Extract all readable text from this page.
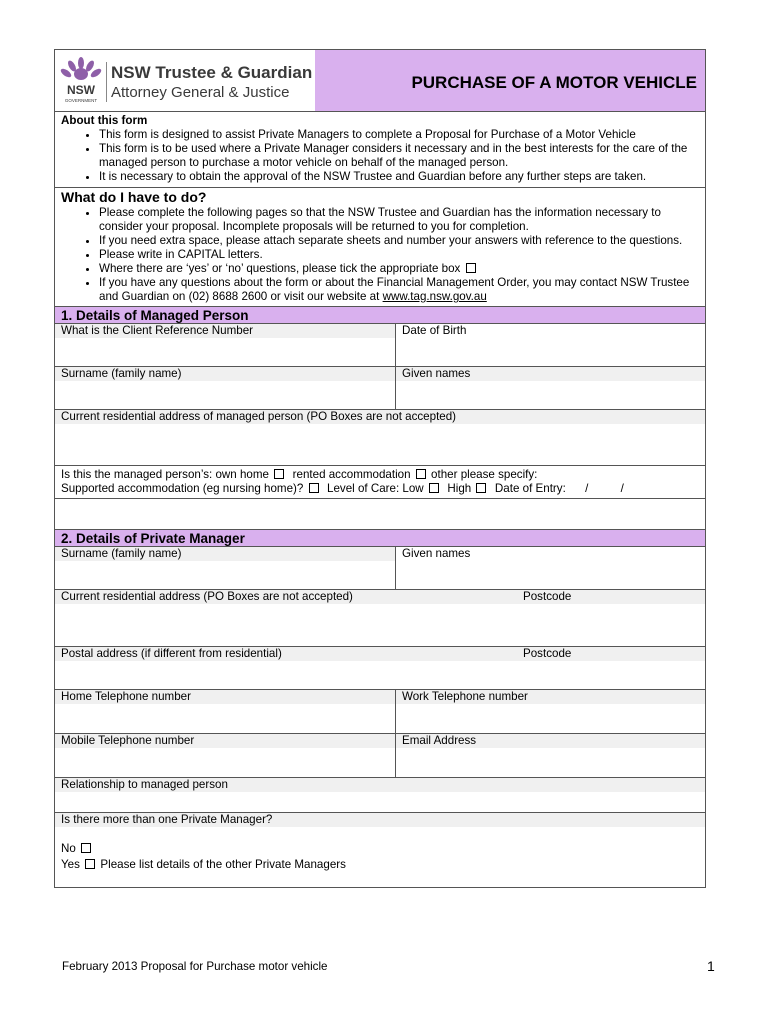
NSW
GOVERNMENT
NSW Trustee & Guardian
Attorney General & Justice
PURCHASE OF A MOTOR VEHICLE
About this form
• This form is designed to assist Private Managers to complete a Proposal for Purchase of a Motor Vehicle
• This form is to be used where a Private Manager considers it necessary and in the best interests for the care of the managed person to purchase a motor vehicle on behalf of the managed person.
• It is necessary to obtain the approval of the NSW Trustee and Guardian before any further steps are taken.
What do I have to do?
• Please complete the following pages so that the NSW Trustee and Guardian has the information necessary to consider your proposal. Incomplete proposals will be returned to you for completion.
• If you need extra space, please attach separate sheets and number your answers with reference to the questions.
• Please write in CAPITAL letters.
• Where there are ‘yes’ or ‘no’ questions, please tick the appropriate box
• If you have any questions about the form or about the Financial Management Order, you may contact NSW Trustee and Guardian on (02) 8688 2600 or visit our website at www.tag.nsw.gov.au
1. Details of Managed Person
What is the Client Reference Number	Date of Birth
Surname (family name)	Given names
Current residential address of managed person (PO Boxes are not accepted)
Is this the managed person’s: own home rented accommodation other please specify:
Supported accommodation (eg nursing home)? Level of Care: Low High Date of Entry: /          /
2. Details of Private Manager
Surname (family name)	Given names
Current residential address (PO Boxes are not accepted)	Postcode
Postal address (if different from residential)	Postcode
Home Telephone number	Work Telephone number
Mobile Telephone number	Email Address
Relationship to managed person
Is there more than one Private Manager?
No
Yes Please list details of the other Private Managers
February 2013 Proposal for Purchase motor vehicle	1
